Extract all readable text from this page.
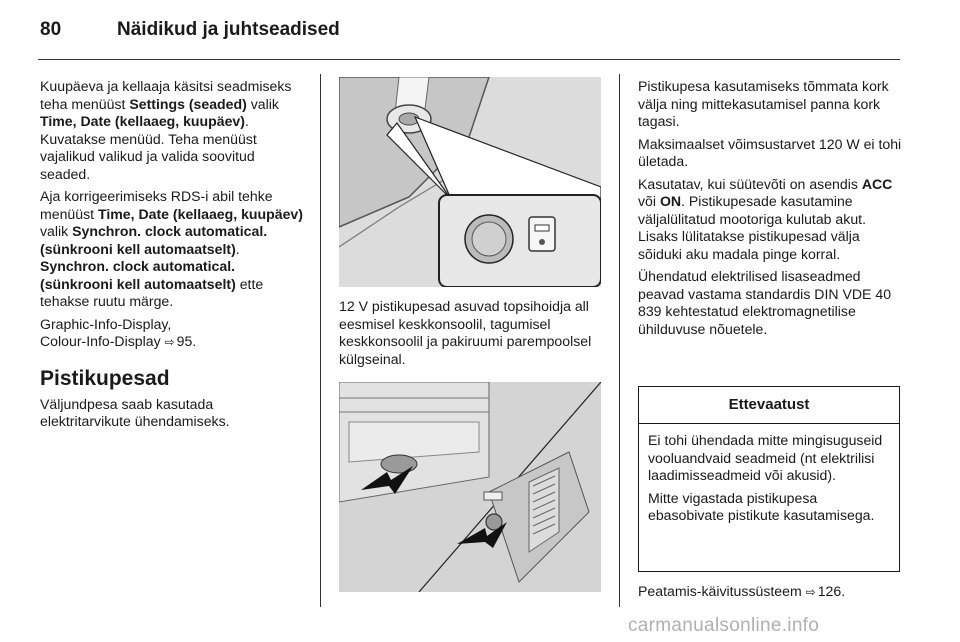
80	Näidikud ja juhtseadised

Kuupäeva ja kellaaja käsitsi seadmiseks teha menüüst Settings (seaded) valik Time, Date (kellaaeg, kuupäev). Kuvatakse menüüd. Teha menüüst vajalikud valikud ja valida soovitud seaded.

Aja korrigeerimiseks RDS-i abil tehke menüüst Time, Date (kellaaeg, kuupäev) valik Synchron. clock automatical. (sünkrooni kell automaatselt). Synchron. clock automatical. (sünkrooni kell automaatselt) ette tehakse ruutu märge.

Graphic-Info-Display,
Colour-Info-Display ⇨ 95.

Pistikupesad

Väljundpesa saab kasutada elektritarvikute ühendamiseks.

12 V pistikupesad asuvad topsihoidja all eesmisel keskkonsoolil, tagumisel keskkonsoolil ja pakiruumi parempoolsel külgseinal.

Pistikupesa kasutamiseks tõmmata kork välja ning mittekasutamisel panna kork tagasi.

Maksimaalset võimsustarvet 120 W ei tohi ületada.

Kasutatav, kui süütevõti on asendis ACC või ON. Pistikupesade kasutamine väljalülitatud mootoriga kulutab akut. Lisaks lülitatakse pistikupesad välja sõiduki aku madala pinge korral.

Ühendatud elektrilised lisaseadmed peavad vastama standardis DIN VDE 40 839 kehtestatud elektromagnetilise ühilduvuse nõuetele.

Ettevaatust

Ei tohi ühendada mitte mingisuguseid vooluandvaid seadmeid (nt elektrilisi laadimisseadmeid või akusid).

Mitte vigastada pistikupesa ebasobivate pistikute kasutamisega.

Peatamis-käivitussüsteem ⇨ 126.
carmanualsonline.info
